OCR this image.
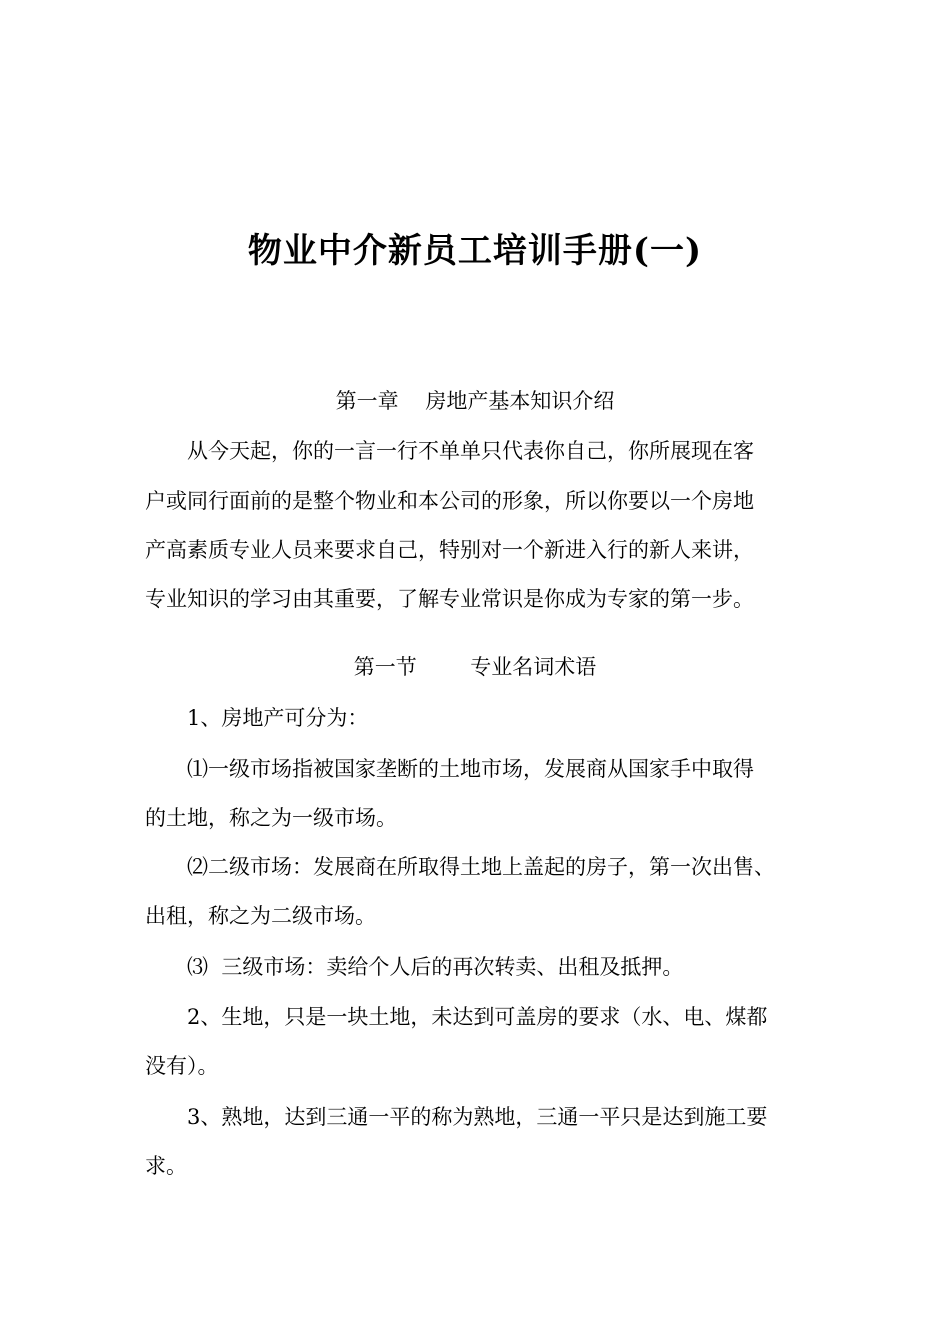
物业中介新员工培训手册(一)
第一章    房地产基本知识介绍
从今天起，你的一言一行不单单只代表你自己，你所展现在客
户或同行面前的是整个物业和本公司的形象，所以你要以一个房地
产高素质专业人员来要求自己，特别对一个新进入行的新人来讲，
专业知识的学习由其重要，了解专业常识是你成为专家的第一步。
第一节        专业名词术语
1、房地产可分为：
⑴一级市场指被国家垄断的土地市场，发展商从国家手中取得
的土地，称之为一级市场。
⑵二级市场：发展商在所取得土地上盖起的房子，第一次出售、
出租，称之为二级市场。
⑶  三级市场：卖给个人后的再次转卖、出租及抵押。
2、生地，只是一块土地，未达到可盖房的要求（水、电、煤都
没有）。
3、熟地，达到三通一平的称为熟地，三通一平只是达到施工要
求。
